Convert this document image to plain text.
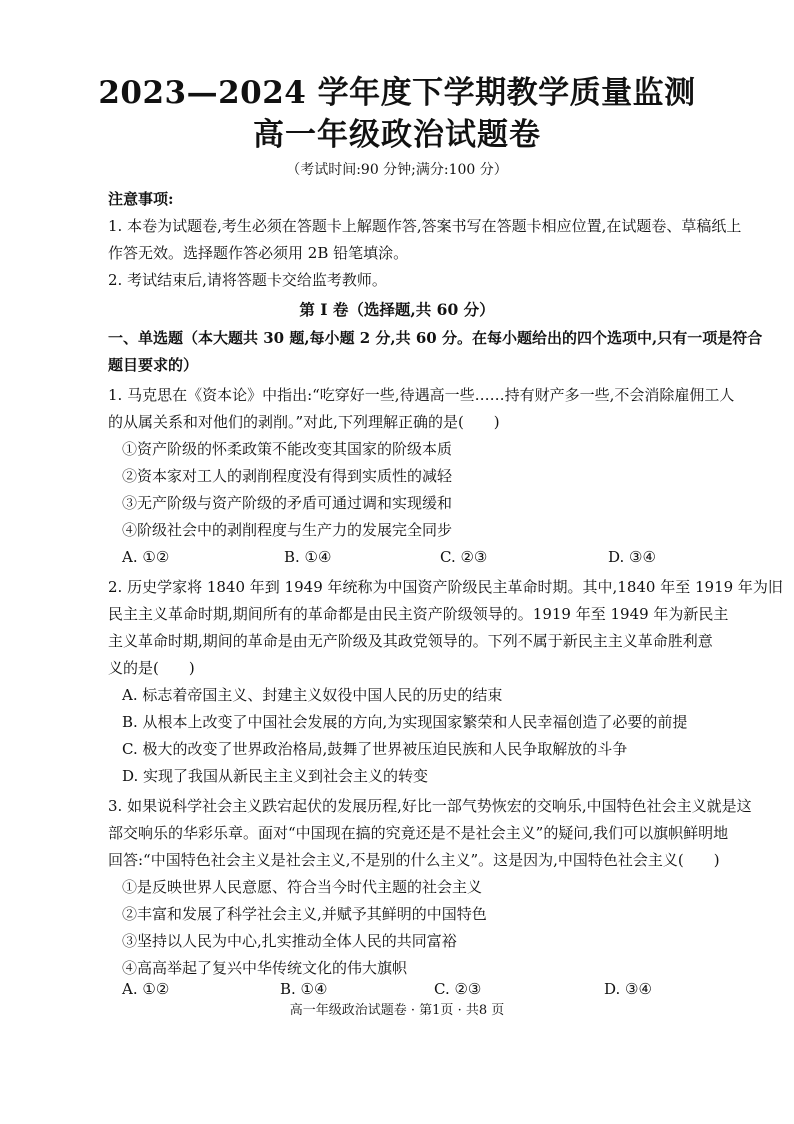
2023—2024 学年度下学期教学质量监测
高一年级政治试题卷
（考试时间:90 分钟;满分:100 分）
注意事项:
1. 本卷为试题卷,考生必须在答题卡上解题作答,答案书写在答题卡相应位置,在试题卷、草稿纸上
作答无效。选择题作答必须用 2B 铅笔填涂。
2. 考试结束后,请将答题卡交给监考教师。
第 I 卷（选择题,共 60 分）
一、单选题（本大题共 30 题,每小题 2 分,共 60 分。在每小题给出的四个选项中,只有一项是符合
题目要求的）
1. 马克思在《资本论》中指出:“吃穿好一些,待遇高一些……持有财产多一些,不会消除雇佣工人
的从属关系和对他们的剥削。”对此,下列理解正确的是(　　)
①资产阶级的怀柔政策不能改变其国家的阶级本质
②资本家对工人的剥削程度没有得到实质性的减轻
③无产阶级与资产阶级的矛盾可通过调和实现缓和
④阶级社会中的剥削程度与生产力的发展完全同步
A. ①②	B. ①④	C. ②③	D. ③④
2. 历史学家将 1840 年到 1949 年统称为中国资产阶级民主革命时期。其中,1840 年至 1919 年为旧
民主主义革命时期,期间所有的革命都是由民主资产阶级领导的。1919 年至 1949 年为新民主
主义革命时期,期间的革命是由无产阶级及其政党领导的。下列不属于新民主主义革命胜利意
义的是(　　)
A. 标志着帝国主义、封建主义奴役中国人民的历史的结束
B. 从根本上改变了中国社会发展的方向,为实现国家繁荣和人民幸福创造了必要的前提
C. 极大的改变了世界政治格局,鼓舞了世界被压迫民族和人民争取解放的斗争
D. 实现了我国从新民主主义到社会主义的转变
3. 如果说科学社会主义跌宕起伏的发展历程,好比一部气势恢宏的交响乐,中国特色社会主义就是这
部交响乐的华彩乐章。面对“中国现在搞的究竟还是不是社会主义”的疑问,我们可以旗帜鲜明地
回答:“中国特色社会主义是社会主义,不是别的什么主义”。这是因为,中国特色社会主义(　　)
①是反映世界人民意愿、符合当今时代主题的社会主义
②丰富和发展了科学社会主义,并赋予其鲜明的中国特色
③坚持以人民为中心,扎实推动全体人民的共同富裕
④高高举起了复兴中华传统文化的伟大旗帜
A. ①②	B. ①④	C. ②③	D. ③④
高一年级政治试题卷 · 第1页 · 共8 页
